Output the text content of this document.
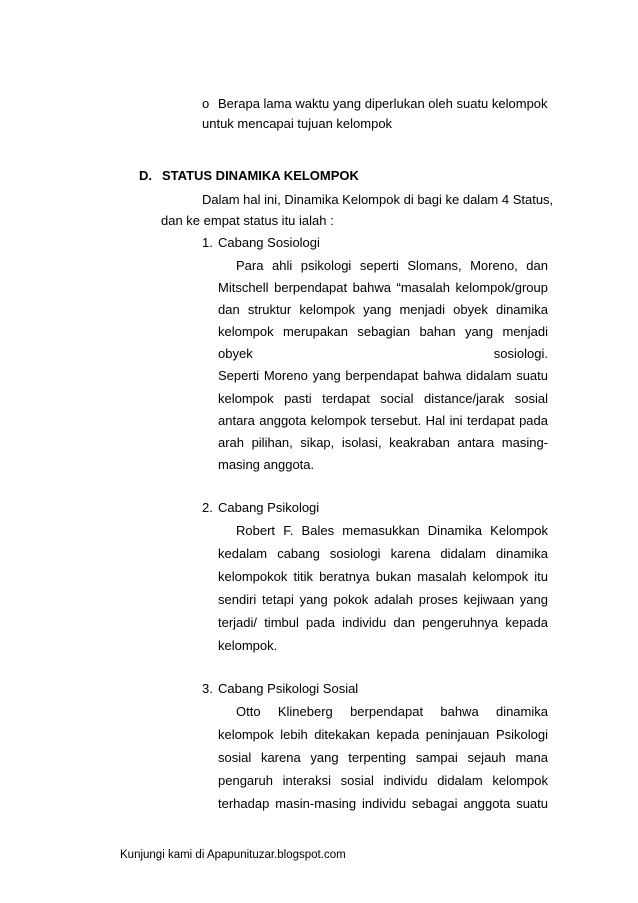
o Berapa lama waktu yang diperlukan oleh suatu kelompok
untuk mencapai tujuan kelompok
D. STATUS DINAMIKA KELOMPOK
Dalam hal ini, Dinamika Kelompok di bagi ke dalam 4 Status,
dan ke empat status itu ialah :
1. Cabang Sosiologi
Para ahli psikologi seperti Slomans, Moreno, dan
Mitschell berpendapat bahwa “masalah kelompok/group
dan struktur kelompok yang menjadi obyek dinamika
kelompok merupakan sebagian bahan yang menjadi
obyek	sosiologi.
Seperti Moreno yang berpendapat bahwa didalam suatu
kelompok pasti terdapat social distance/jarak sosial
antara anggota kelompok tersebut. Hal ini terdapat pada
arah pilihan, sikap, isolasi, keakraban antara masing-
masing anggota.
2. Cabang Psikologi
Robert F. Bales memasukkan Dinamika Kelompok
kedalam cabang sosiologi karena didalam dinamika
kelompokok titik beratnya bukan masalah kelompok itu
sendiri tetapi yang pokok adalah proses kejiwaan yang
terjadi/ timbul pada individu dan pengeruhnya kepada
kelompok.
3. Cabang Psikologi Sosial
Otto Klineberg berpendapat bahwa dinamika
kelompok lebih ditekakan kepada peninjauan Psikologi
sosial karena yang terpenting sampai sejauh mana
pengaruh interaksi sosial individu didalam kelompok
terhadap masin-masing individu sebagai anggota suatu
Kunjungi kami di Apapunituzar.blogspot.com
